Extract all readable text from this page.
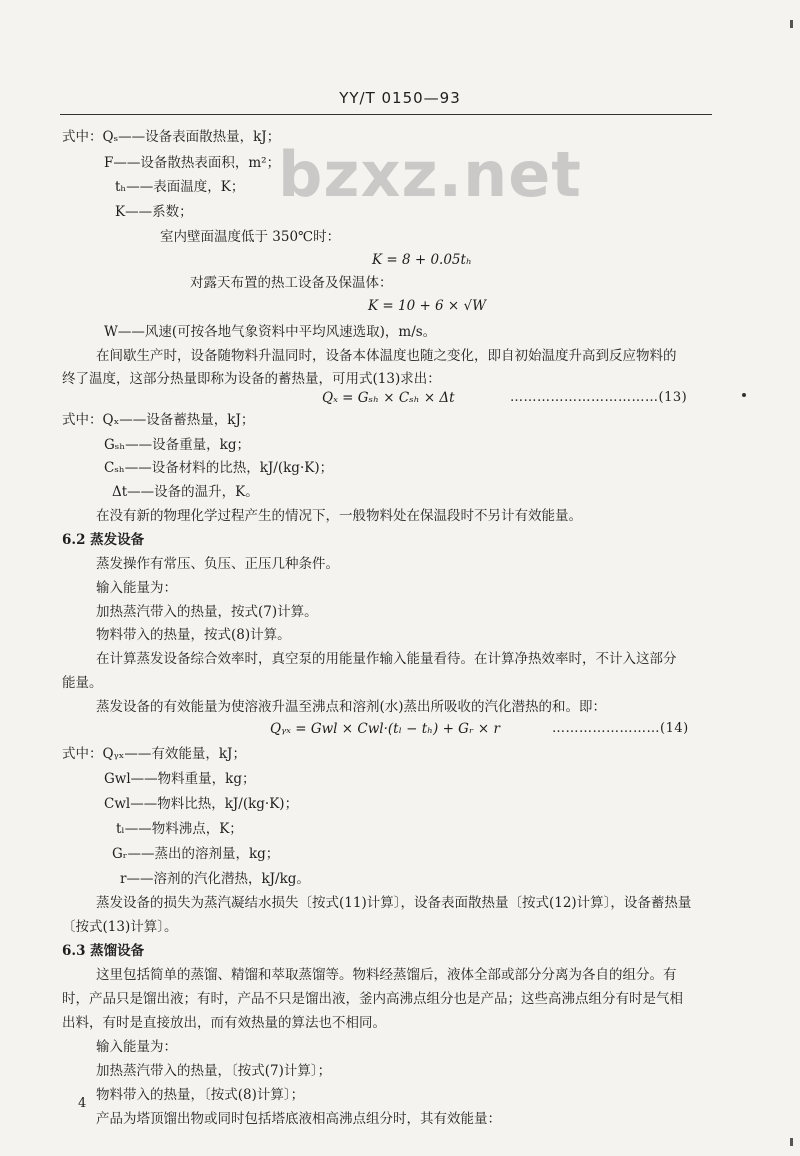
YY/T 0150—93
bzxz.net
式中：Qₛ——设备表面散热量，kJ；
F——设备散热表面积，m²；
tₕ——表面温度，K；
K——系数；
室内壁面温度低于 350℃时：
K = 8 + 0.05tₕ
对露天布置的热工设备及保温体：
K = 10 + 6 × √W
W——风速(可按各地气象资料中平均风速选取)，m/s。
在间歇生产时，设备随物料升温同时，设备本体温度也随之变化，即自初始温度升高到反应物料的
终了温度，这部分热量即称为设备的蓄热量，可用式(13)求出：
Qₓ = Gₛₕ × Cₛₕ × Δt	……………………………(13)
式中：Qₓ——设备蓄热量，kJ；
Gₛₕ——设备重量，kg；
Cₛₕ——设备材料的比热，kJ/(kg·K)；
Δt——设备的温升，K。
在没有新的物理化学过程产生的情况下，一般物料处在保温段时不另计有效能量。
6.2 蒸发设备
蒸发操作有常压、负压、正压几种条件。
输入能量为：
加热蒸汽带入的热量，按式(7)计算。
物料带入的热量，按式(8)计算。
在计算蒸发设备综合效率时，真空泵的用能量作输入能量看待。在计算净热效率时，不计入这部分
能量。
蒸发设备的有效能量为使溶液升温至沸点和溶剂(水)蒸出所吸收的汽化潜热的和。即：
Qᵧₓ = Gwl × Cwl·(tₗ − tₕ) + Gᵣ × r	……………………(14)
式中：Qᵧₓ——有效能量，kJ；
Gwl——物料重量，kg；
Cwl——物料比热，kJ/(kg·K)；
tₗ——物料沸点，K；
Gᵣ——蒸出的溶剂量，kg；
r——溶剂的汽化潜热，kJ/kg。
蒸发设备的损失为蒸汽凝结水损失〔按式(11)计算〕，设备表面散热量〔按式(12)计算〕，设备蓄热量
〔按式(13)计算〕。
6.3 蒸馏设备
这里包括简单的蒸馏、精馏和萃取蒸馏等。物料经蒸馏后，液体全部或部分分离为各自的组分。有
时，产品只是馏出液；有时，产品不只是馏出液，釜内高沸点组分也是产品；这些高沸点组分有时是气相
出料，有时是直接放出，而有效热量的算法也不相同。
输入能量为：
加热蒸汽带入的热量，〔按式(7)计算〕；
物料带入的热量，〔按式(8)计算〕；
产品为塔顶馏出物或同时包括塔底液相高沸点组分时，其有效能量：
4
